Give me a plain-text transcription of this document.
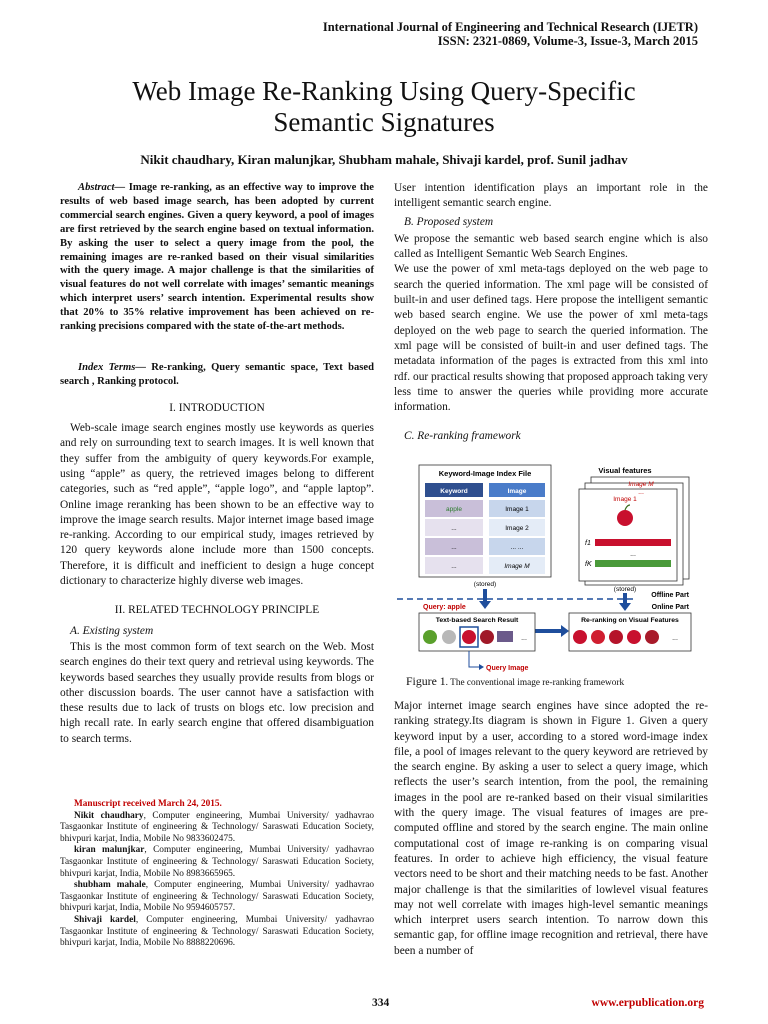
International Journal of Engineering and Technical Research (IJETR)
ISSN: 2321-0869, Volume-3, Issue-3, March 2015
Web Image Re-Ranking Using Query-Specific
Semantic Signatures
Nikit chaudhary, Kiran malunjkar, Shubham mahale, Shivaji kardel, prof. Sunil jadhav

Abstract— Image re-ranking, as an effective way to improve the results of web based image search, has been adopted by current commercial search engines. Given a query keyword, a pool of images are first retrieved by the search engine based on textual information. By asking the user to select a query image from the pool, the remaining images are re-ranked based on their visual similarities with the query image. A major challenge is that the similarities of visual features do not well correlate with images’ semantic meanings which interpret users’ search intention. Experimental results show that 20% to 35% relative improvement has been achieved on re-ranking precisions compared with the state of-the-art methods.

Index Terms— Re-ranking, Query semantic space, Text based search , Ranking protocol.

I. INTRODUCTION

Web-scale image search engines mostly use keywords as queries and rely on surrounding text to search images. It is well known that they suffer from the ambiguity of query keywords.For example, using “apple” as query, the retrieved images belong to different categories, such as “red apple”, “apple logo”, and “apple laptop”. Online image reranking has been shown to be an effective way to improve the image search results. Major internet image based image re-ranking. According to our empirical study, images retrieved by 120 query keywords alone include more than 1500 concepts. Therefore, it is difficult and inefficient to design a huge concept dictionary to characterize highly diverse web images.

II. RELATED TECHNOLOGY PRINCIPLE

A. Existing system

This is the most common form of text search on the Web. Most search engines do their text query and retrieval using keywords. The keywords based searches they usually provide results from blogs or other discussion boards. The user cannot have a satisfaction with these results due to lack of trusts on blogs etc. low precision and high recall rate. In early search engine that offered disambiguation to search terms.

Manuscript received March 24, 2015.

Nikit chaudhary, Computer engineering, Mumbai University/ yadhavrao Tasgaonkar Institute of engineering & Technology/ Saraswati Education Society, bhivpuri karjat, India, Mobile No 9833602475.

kiran malunjkar, Computer engineering, Mumbai University/ yadhavrao Tasgaonkar Institute of engineering & Technology/ Saraswati Education Society, bhivpuri karjat, India, Mobile No 8983665965.

shubham mahale, Computer engineering, Mumbai University/ yadhavrao Tasgaonkar Institute of engineering & Technology/ Saraswati Education Society, bhivpuri karjat, India, Mobile No 9594605757.

Shivaji kardel, Computer engineering, Mumbai University/ yadhavrao Tasgaonkar Institute of engineering & Technology/ Saraswati Education Society, bhivpuri karjat, India, Mobile No 8888220696.

User intention identification plays an important role in the intelligent semantic search engine.

B. Proposed system

We propose the semantic web based search engine which is also called as Intelligent Semantic Web Search Engines.

We use the power of xml meta-tags deployed on the web page to search the queried information. The xml page will be consisted of built-in and user defined tags. Here propose the intelligent semantic web based search engine. We use the power of xml meta-tags deployed on the web page to search the queried information. The xml page will be consisted of built-in and user defined tags. The metadata information of the pages is extracted from this xml into rdf. our practical results showing that proposed approach taking very less time to answer the queries while providing more accurate information.

C. Re-ranking framework

Keyword-Image Index File
Keyword	Image
apple
...
...
...
Image 1
Image 2
... ...
Image M
(stored)
Visual features
Image M
...
Image 1
f1
...
fK
(stored)
Offline Part
Online Part
Query: apple
Text-based Search Result
...
Re-ranking on Visual Features
...
Query Image
Figure 1. The conventional image re-ranking framework

Major internet image search engines have since adopted the re-ranking strategy.Its diagram is shown in Figure 1. Given a query keyword input by a user, according to a stored word-image index file, a pool of images relevant to the query keyword are retrieved by the search engine. By asking a user to select a query image, which reflects the user’s search intention, from the pool, the remaining images in the pool are re-ranked based on their visual similarities with the query image. The visual features of images are pre-computed offline and stored by the search engine. The main online computational cost of image re-ranking is on comparing visual features. In order to achieve high efficiency, the visual feature vectors need to be short and their matching needs to be fast. Another major challenge is that the similarities of lowlevel visual features may not well correlate with images high-level semantic meanings which interpret users search intention. To narrow down this semantic gap, for offline image recognition and retrieval, there have been a number of

334	www.erpublication.org
